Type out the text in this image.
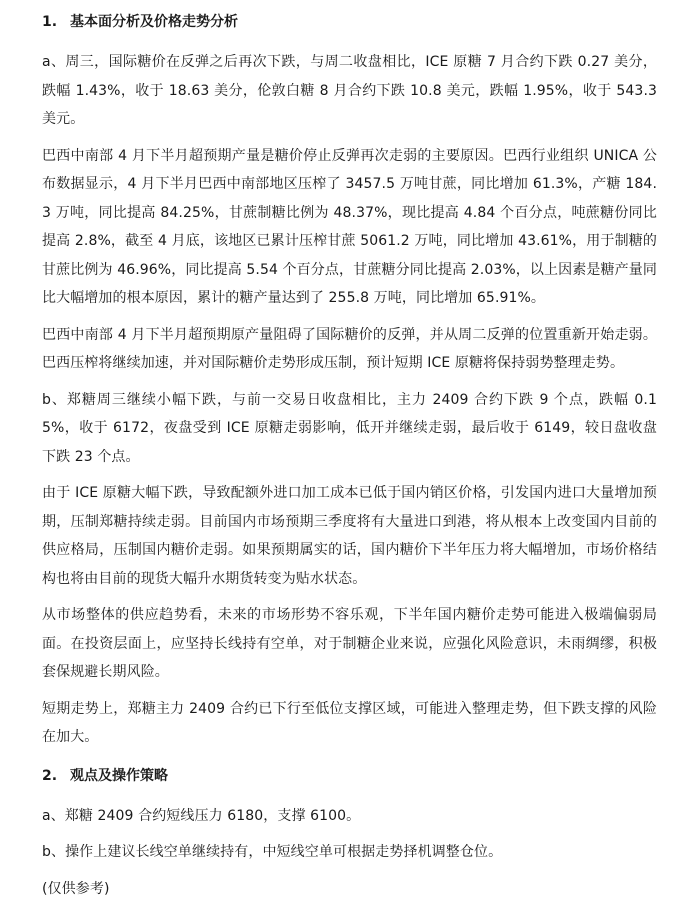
1. 基本面分析及价格走势分析

a、周三，国际糖价在反弹之后再次下跌，与周二收盘相比，ICE 原糖 7 月合约下跌 0.27 美分，跌幅 1.43%，收于 18.63 美分，伦敦白糖 8 月合约下跌 10.8 美元，跌幅 1.95%，收于 543.3 美元。

巴西中南部 4 月下半月超预期产量是糖价停止反弹再次走弱的主要原因。巴西行业组织 UNICA 公布数据显示，4 月下半月巴西中南部地区压榨了 3457.5 万吨甘蔗，同比增加 61.3%，产糖 184.3 万吨，同比提高 84.25%，甘蔗制糖比例为 48.37%，现比提高 4.84 个百分点，吨蔗糖份同比提高 2.8%，截至 4 月底，该地区已累计压榨甘蔗 5061.2 万吨，同比增加 43.61%，用于制糖的甘蔗比例为 46.96%，同比提高 5.54 个百分点，甘蔗糖分同比提高 2.03%，以上因素是糖产量同比大幅增加的根本原因，累计的糖产量达到了 255.8 万吨，同比增加 65.91%。

巴西中南部 4 月下半月超预期原产量阻碍了国际糖价的反弹，并从周二反弹的位置重新开始走弱。巴西压榨将继续加速，并对国际糖价走势形成压制，预计短期 ICE 原糖将保持弱势整理走势。

b、郑糖周三继续小幅下跌，与前一交易日收盘相比，主力 2409 合约下跌 9 个点，跌幅 0.15%，收于 6172，夜盘受到 ICE 原糖走弱影响，低开并继续走弱，最后收于 6149，较日盘收盘下跌 23 个点。

由于 ICE 原糖大幅下跌，导致配额外进口加工成本已低于国内销区价格，引发国内进口大量增加预期，压制郑糖持续走弱。目前国内市场预期三季度将有大量进口到港，将从根本上改变国内目前的供应格局，压制国内糖价走弱。如果预期属实的话，国内糖价下半年压力将大幅增加，市场价格结构也将由目前的现货大幅升水期货转变为贴水状态。

从市场整体的供应趋势看，未来的市场形势不容乐观，下半年国内糖价走势可能进入极端偏弱局面。在投资层面上，应坚持长线持有空单，对于制糖企业来说，应强化风险意识，未雨绸缪，积极套保规避长期风险。

短期走势上，郑糖主力 2409 合约已下行至低位支撑区域，可能进入整理走势，但下跌支撑的风险在加大。

2. 观点及操作策略

a、郑糖 2409 合约短线压力 6180，支撑 6100。

b、操作上建议长线空单继续持有，中短线空单可根据走势择机调整仓位。

(仅供参考)
